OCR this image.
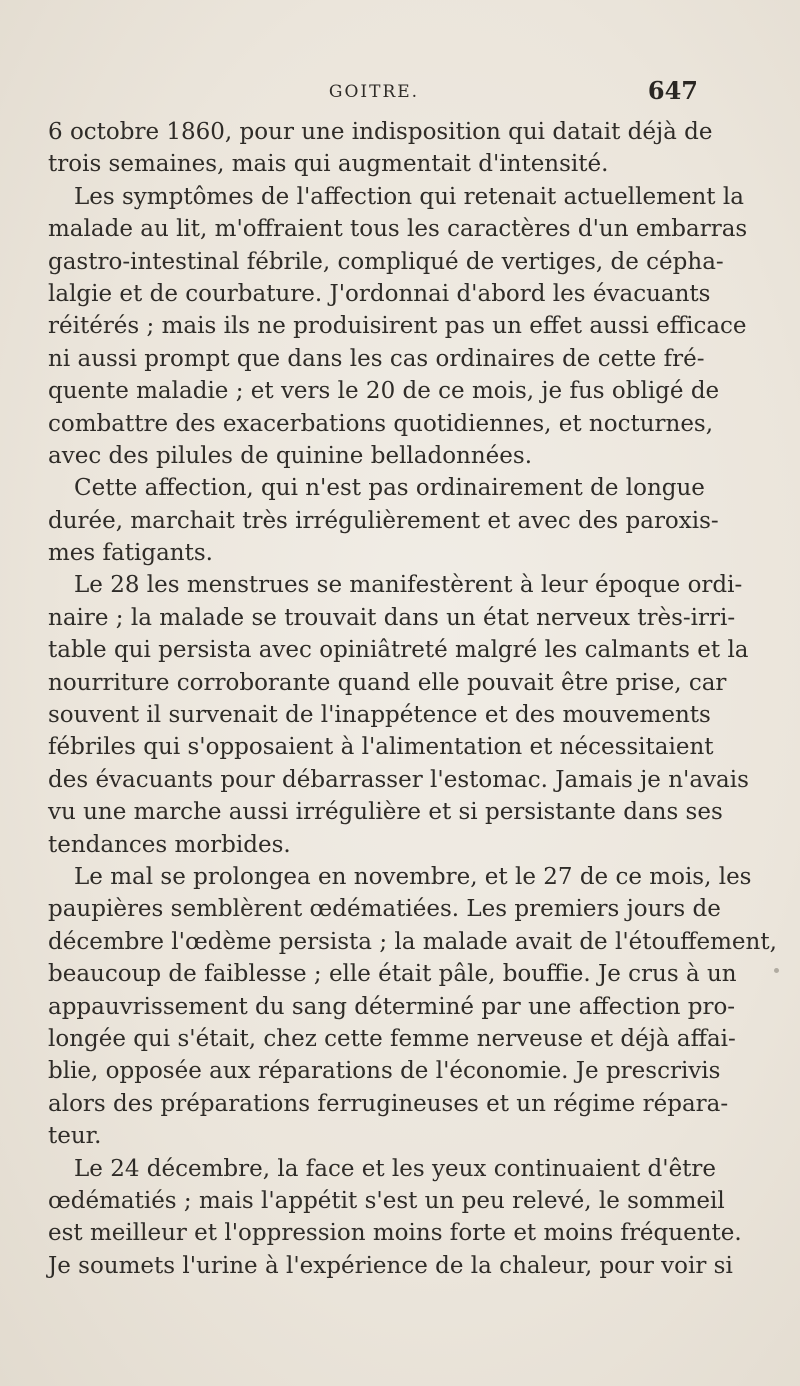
GOITRE.	647
6 octobre 1860, pour une indisposition qui datait déjà de
trois semaines, mais qui augmentait d'intensité.
Les symptômes de l'affection qui retenait actuellement la
malade au lit, m'offraient tous les caractères d'un embarras
gastro-intestinal fébrile, compliqué de vertiges, de cépha-
lalgie et de courbature. J'ordonnai d'abord les évacuants
réitérés ; mais ils ne produisirent pas un effet aussi efficace
ni aussi prompt que dans les cas ordinaires de cette fré-
quente maladie ; et vers le 20 de ce mois, je fus obligé de
combattre des exacerbations quotidiennes, et nocturnes,
avec des pilules de quinine belladonnées.
Cette affection, qui n'est pas ordinairement de longue
durée, marchait très irrégulièrement et avec des paroxis-
mes fatigants.
Le 28 les menstrues se manifestèrent à leur époque ordi-
naire ; la malade se trouvait dans un état nerveux très-irri-
table qui persista avec opiniâtreté malgré les calmants et la
nourriture corroborante quand elle pouvait être prise, car
souvent il survenait de l'inappétence et des mouvements
fébriles qui s'opposaient à l'alimentation et nécessitaient
des évacuants pour débarrasser l'estomac. Jamais je n'avais
vu une marche aussi irrégulière et si persistante dans ses
tendances morbides.
Le mal se prolongea en novembre, et le 27 de ce mois, les
paupières semblèrent œdématiées. Les premiers jours de
décembre l'œdème persista ; la malade avait de l'étouffement,
beaucoup de faiblesse ; elle était pâle, bouffie. Je crus à un
appauvrissement du sang déterminé par une affection pro-
longée qui s'était, chez cette femme nerveuse et déjà affai-
blie, opposée aux réparations de l'économie. Je prescrivis
alors des préparations ferrugineuses et un régime répara-
teur.
Le 24 décembre, la face et les yeux continuaient d'être
œdématiés ; mais l'appétit s'est un peu relevé, le sommeil
est meilleur et l'oppression moins forte et moins fréquente.
Je soumets l'urine à l'expérience de la chaleur, pour voir si
